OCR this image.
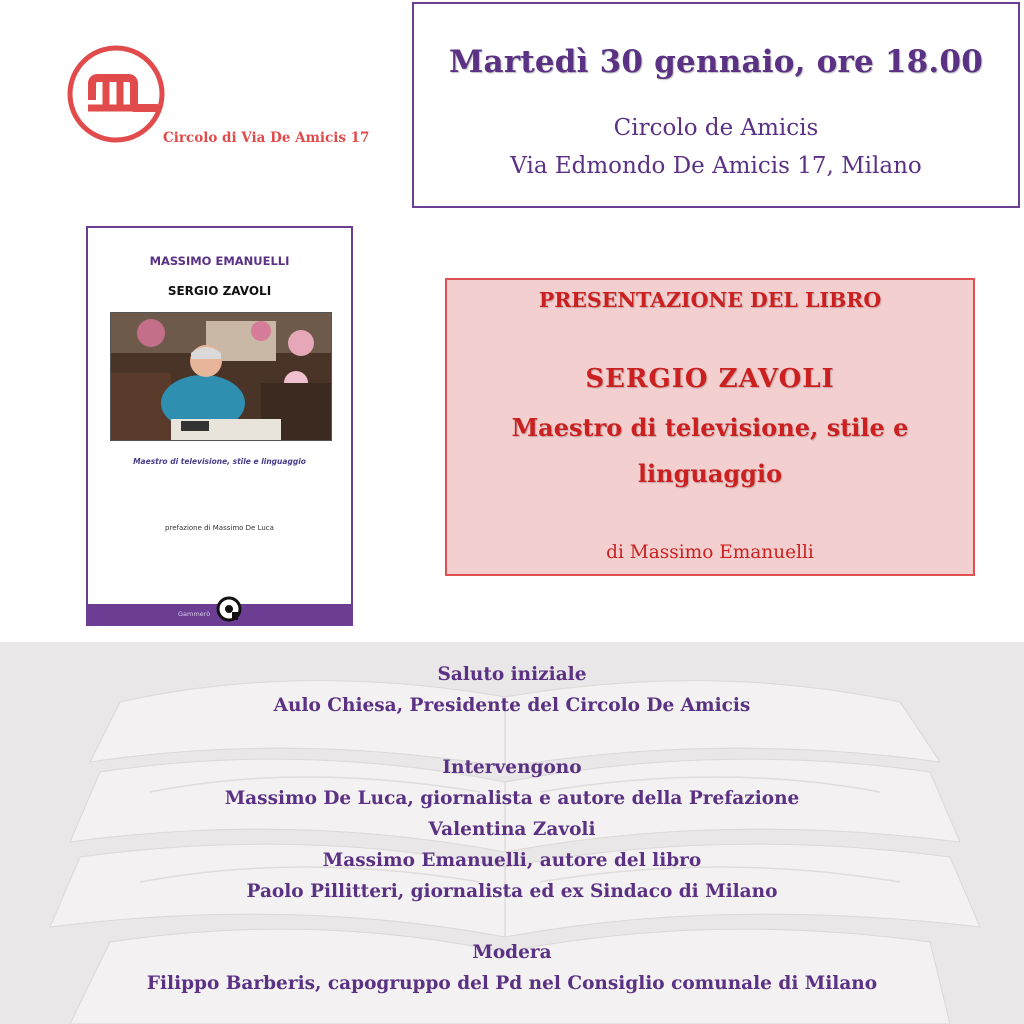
Circolo di Via De Amicis 17
Martedì 30 gennaio, ore 18.00
Circolo de Amicis
Via Edmondo De Amicis 17, Milano
MASSIMO EMANUELLI
SERGIO ZAVOLI
Maestro di televisione, stile e linguaggio
prefazione di Massimo De Luca
Gammerò
PRESENTAZIONE DEL LIBRO
SERGIO ZAVOLI
Maestro di televisione, stile e
linguaggio
di Massimo Emanuelli
Saluto iniziale
Aulo Chiesa, Presidente del Circolo De Amicis
Intervengono
Massimo De Luca, giornalista e autore della Prefazione
Valentina Zavoli
Massimo Emanuelli, autore del libro
Paolo Pillitteri, giornalista ed ex Sindaco di Milano
Modera
Filippo Barberis, capogruppo del Pd nel Consiglio comunale di Milano
